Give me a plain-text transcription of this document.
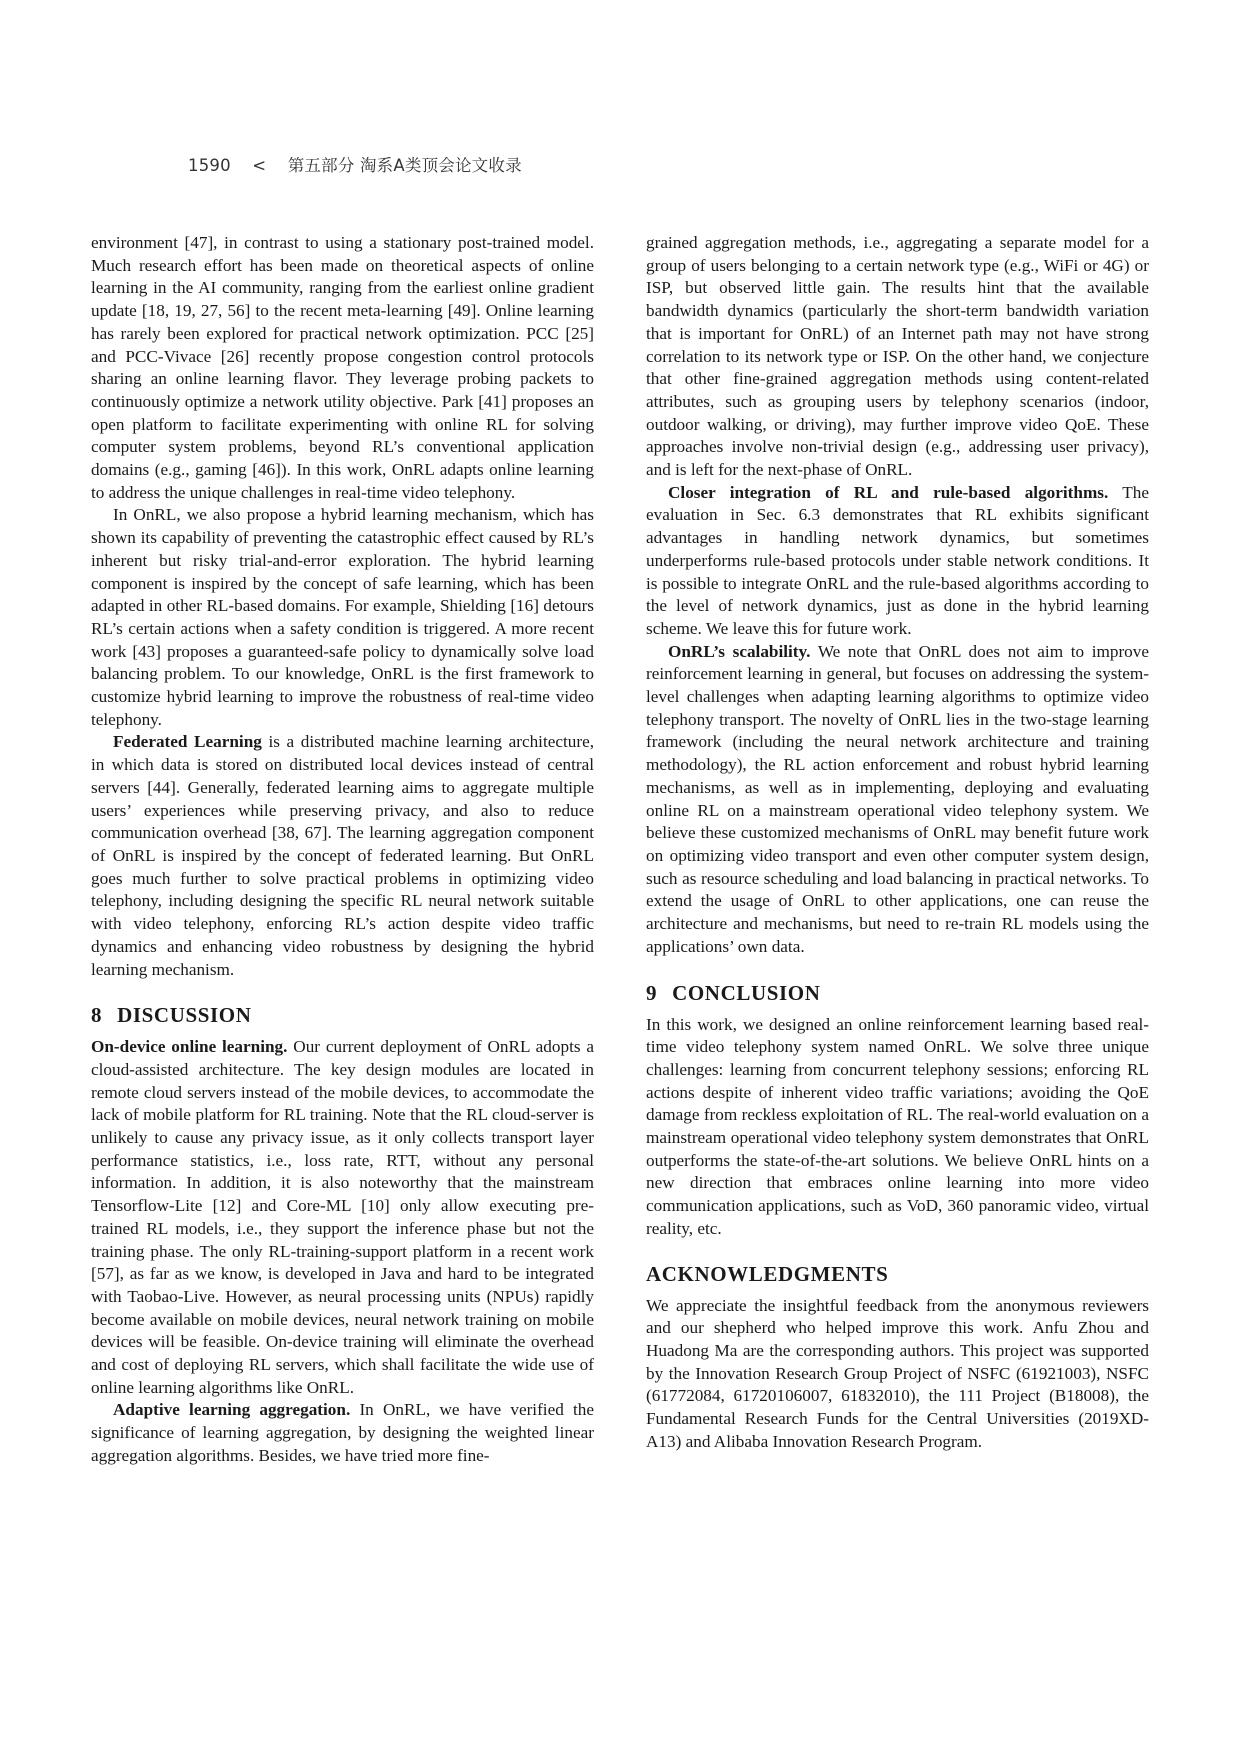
1590 < 第五部分 淘系A类顶会论文收录

environment [47], in contrast to using a stationary post-trained model. Much research effort has been made on theoretical aspects of online learning in the AI community, ranging from the earliest online gradient update [18, 19, 27, 56] to the recent meta-learning [49]. Online learning has rarely been explored for practical network optimization. PCC [25] and PCC-Vivace [26] recently propose congestion control protocols sharing an online learning flavor. They leverage probing packets to continuously optimize a network utility objective. Park [41] proposes an open platform to facilitate experimenting with online RL for solving computer system problems, beyond RL’s conventional application domains (e.g., gaming [46]). In this work, OnRL adapts online learning to address the unique challenges in real-time video telephony.

In OnRL, we also propose a hybrid learning mechanism, which has shown its capability of preventing the catastrophic effect caused by RL’s inherent but risky trial-and-error exploration. The hybrid learning component is inspired by the concept of safe learning, which has been adapted in other RL-based domains. For example, Shielding [16] detours RL’s certain actions when a safety condition is triggered. A more recent work [43] proposes a guaranteed-safe policy to dynamically solve load balancing problem. To our knowledge, OnRL is the first framework to customize hybrid learning to improve the robustness of real-time video telephony.

Federated Learning is a distributed machine learning architecture, in which data is stored on distributed local devices instead of central servers [44]. Generally, federated learning aims to aggregate multiple users’ experiences while preserving privacy, and also to reduce communication overhead [38, 67]. The learning aggregation component of OnRL is inspired by the concept of federated learning. But OnRL goes much further to solve practical problems in optimizing video telephony, including designing the specific RL neural network suitable with video telephony, enforcing RL’s action despite video traffic dynamics and enhancing video robustness by designing the hybrid learning mechanism.

8 DISCUSSION

On-device online learning. Our current deployment of OnRL adopts a cloud-assisted architecture. The key design modules are located in remote cloud servers instead of the mobile devices, to accommodate the lack of mobile platform for RL training. Note that the RL cloud-server is unlikely to cause any privacy issue, as it only collects transport layer performance statistics, i.e., loss rate, RTT, without any personal information. In addition, it is also noteworthy that the mainstream Tensorflow-Lite [12] and Core-ML [10] only allow executing pre-trained RL models, i.e., they support the inference phase but not the training phase. The only RL-training-support platform in a recent work [57], as far as we know, is developed in Java and hard to be integrated with Taobao-Live. However, as neural processing units (NPUs) rapidly become available on mobile devices, neural network training on mobile devices will be feasible. On-device training will eliminate the overhead and cost of deploying RL servers, which shall facilitate the wide use of online learning algorithms like OnRL.

Adaptive learning aggregation. In OnRL, we have verified the significance of learning aggregation, by designing the weighted linear aggregation algorithms. Besides, we have tried more fine-

grained aggregation methods, i.e., aggregating a separate model for a group of users belonging to a certain network type (e.g., WiFi or 4G) or ISP, but observed little gain. The results hint that the available bandwidth dynamics (particularly the short-term bandwidth variation that is important for OnRL) of an Internet path may not have strong correlation to its network type or ISP. On the other hand, we conjecture that other fine-grained aggregation methods using content-related attributes, such as grouping users by telephony scenarios (indoor, outdoor walking, or driving), may further improve video QoE. These approaches involve non-trivial design (e.g., addressing user privacy), and is left for the next-phase of OnRL.

Closer integration of RL and rule-based algorithms. The evaluation in Sec. 6.3 demonstrates that RL exhibits significant advantages in handling network dynamics, but sometimes underperforms rule-based protocols under stable network conditions. It is possible to integrate OnRL and the rule-based algorithms according to the level of network dynamics, just as done in the hybrid learning scheme. We leave this for future work.

OnRL’s scalability. We note that OnRL does not aim to improve reinforcement learning in general, but focuses on addressing the system-level challenges when adapting learning algorithms to optimize video telephony transport. The novelty of OnRL lies in the two-stage learning framework (including the neural network architecture and training methodology), the RL action enforcement and robust hybrid learning mechanisms, as well as in implementing, deploying and evaluating online RL on a mainstream operational video telephony system. We believe these customized mechanisms of OnRL may benefit future work on optimizing video transport and even other computer system design, such as resource scheduling and load balancing in practical networks. To extend the usage of OnRL to other applications, one can reuse the architecture and mechanisms, but need to re-train RL models using the applications’ own data.

9 CONCLUSION

In this work, we designed an online reinforcement learning based real-time video telephony system named OnRL. We solve three unique challenges: learning from concurrent telephony sessions; enforcing RL actions despite of inherent video traffic variations; avoiding the QoE damage from reckless exploitation of RL. The real-world evaluation on a mainstream operational video telephony system demonstrates that OnRL outperforms the state-of-the-art solutions. We believe OnRL hints on a new direction that embraces online learning into more video communication applications, such as VoD, 360 panoramic video, virtual reality, etc.

ACKNOWLEDGMENTS

We appreciate the insightful feedback from the anonymous reviewers and our shepherd who helped improve this work. Anfu Zhou and Huadong Ma are the corresponding authors. This project was supported by the Innovation Research Group Project of NSFC (61921003), NSFC (61772084, 61720106007, 61832010), the 111 Project (B18008), the Fundamental Research Funds for the Central Universities (2019XD-A13) and Alibaba Innovation Research Program.
